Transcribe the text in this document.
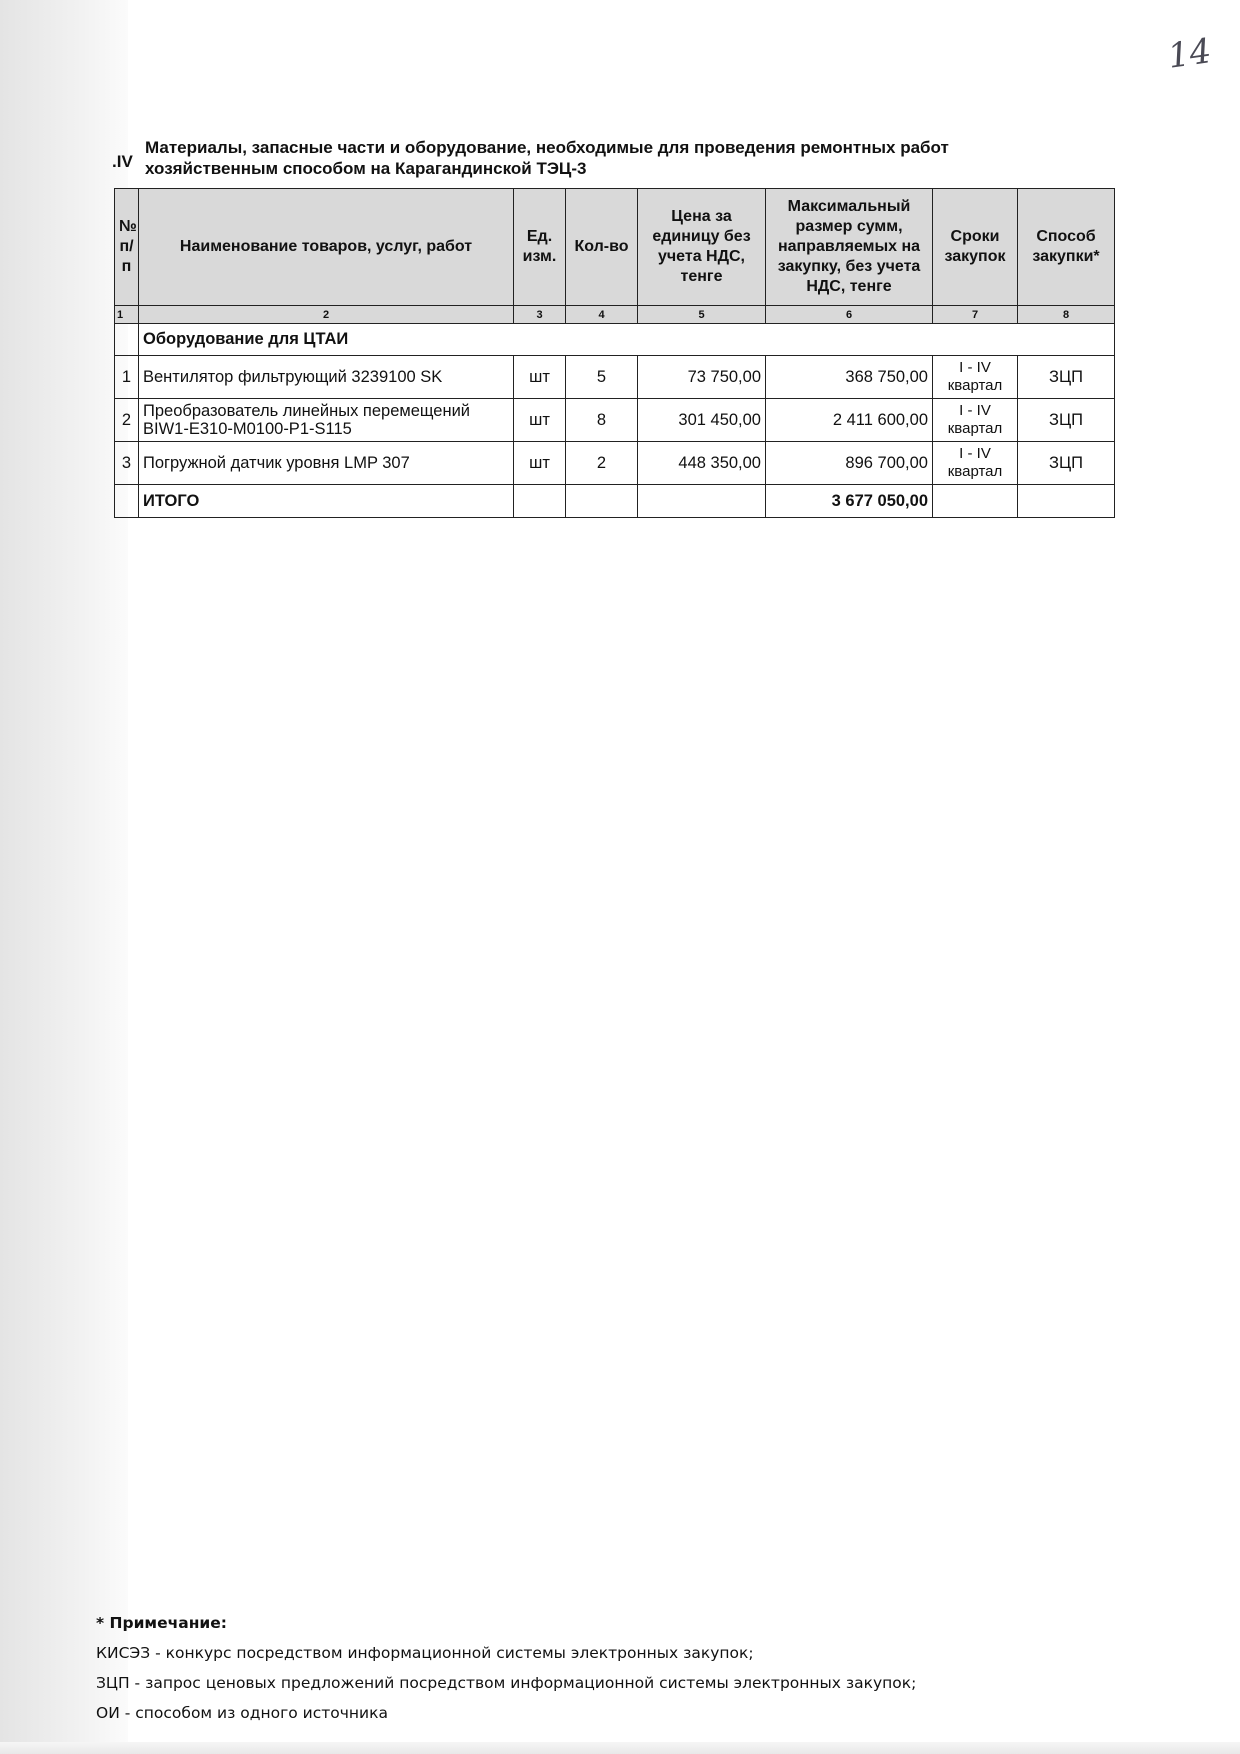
14
.IV
Материалы, запасные части и оборудование, необходимые для проведения ремонтных работ хозяйственным способом на Карагандинской ТЭЦ-3
№ п/п	Наименование товаров, услуг, работ	Ед. изм.	Кол-во	Цена за единицу без учета НДС, тенге	Максимальный размер сумм, направляемых на закупку, без учета НДС, тенге	Сроки закупок	Способ закупки*
1	2	3	4	5	6	7	8
	Оборудование для ЦТАИ						
1	Вентилятор фильтрующий 3239100 SK	шт	5	73 750,00	368 750,00	I - IV квартал	ЗЦП
2	Преобразователь линейных перемещений BIW1-E310-M0100-P1-S115	шт	8	301 450,00	2 411 600,00	I - IV квартал	ЗЦП
3	Погружной датчик уровня LMP 307	шт	2	448 350,00	896 700,00	I - IV квартал	ЗЦП
	ИТОГО				3 677 050,00		
* Примечание:
КИСЭЗ - конкурс посредством информационной системы электронных закупок;
ЗЦП - запрос ценовых предложений посредством информационной системы электронных закупок;
ОИ - способом из одного источника
